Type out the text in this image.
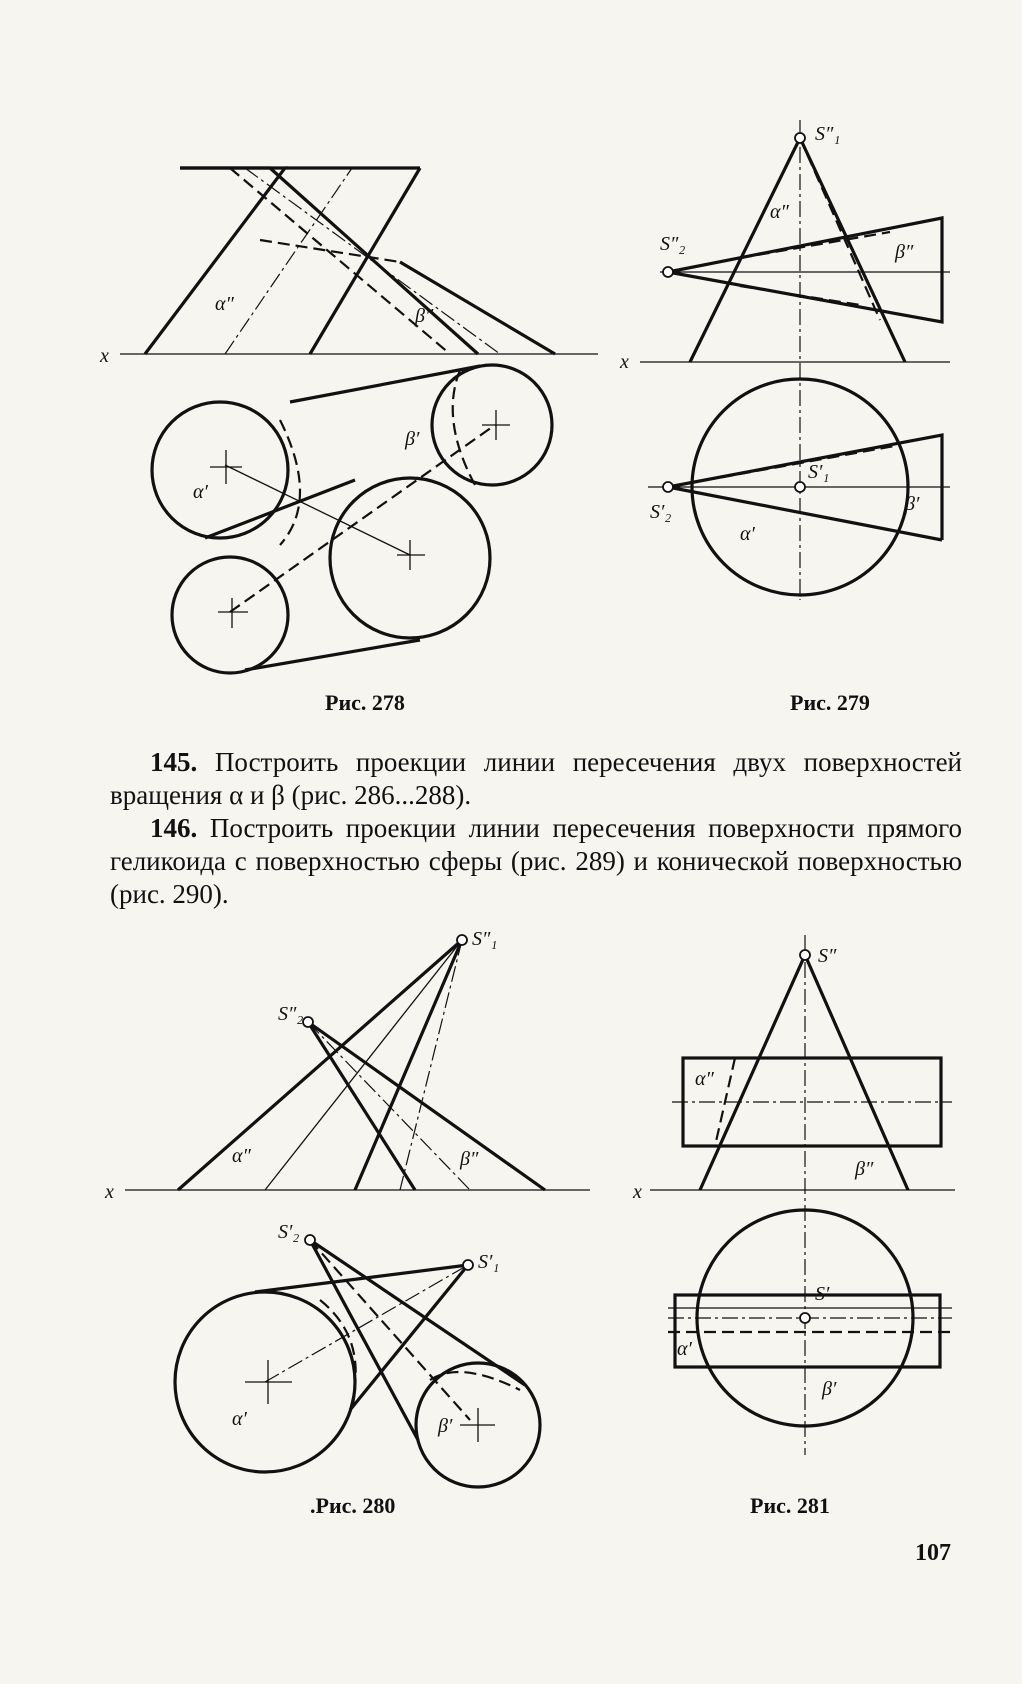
x
α″
β″
α′
β′
x
S″₁
S″₂
α″
β″
S′₁
S′₂
α′
β′
x
S″₁
S″₂
α″	β″
S′₂
S′₁
α′	β′
x
S″
α″
β″
S′
α′
β′
Рис. 278	Рис. 279
145. Построить проекции линии пересечения двух поверхностей вращения α и β (рис. 286...288).
146. Построить проекции линии пересечения поверхности прямого геликоида с поверхностью сферы (рис. 289) и конической поверхностью (рис. 290).
.Рис. 280	Рис. 281
107
